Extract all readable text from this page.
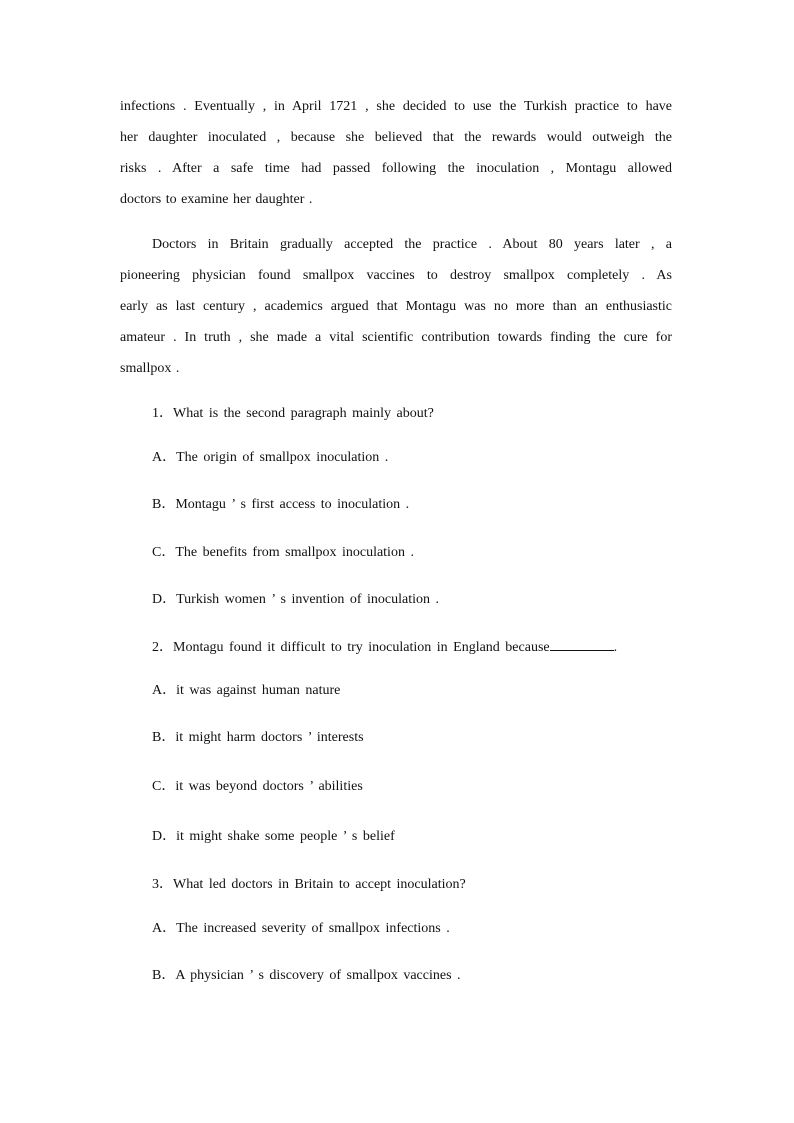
infections . Eventually , in April 1721 , she decided to use the Turkish practice to have
her daughter inoculated , because she believed that the rewards would outweigh the
risks . After a safe time had passed following the inoculation , Montagu allowed
doctors to examine her daughter .
Doctors in Britain gradually accepted the practice . About 80 years later , a
pioneering physician found smallpox vaccines to destroy smallpox completely . As
early as last century , academics argued that Montagu was no more than an enthusiastic
amateur . In truth , she made a vital scientific contribution towards finding the cure for
smallpox .

1．What is the second paragraph mainly about?

A．The origin of smallpox inoculation .

B．Montagu ’ s first access to inoculation .

C．The benefits from smallpox inoculation .

D．Turkish women ’ s invention of inoculation .

2．Montagu found it difficult to try inoculation in England because	.

A．it was against human nature

B．it might harm doctors ’ interests

C．it was beyond doctors ’ abilities

D．it might shake some people ’ s belief

3．What led doctors in Britain to accept inoculation?

A．The increased severity of smallpox infections .

B．A physician ’ s discovery of smallpox vaccines .
